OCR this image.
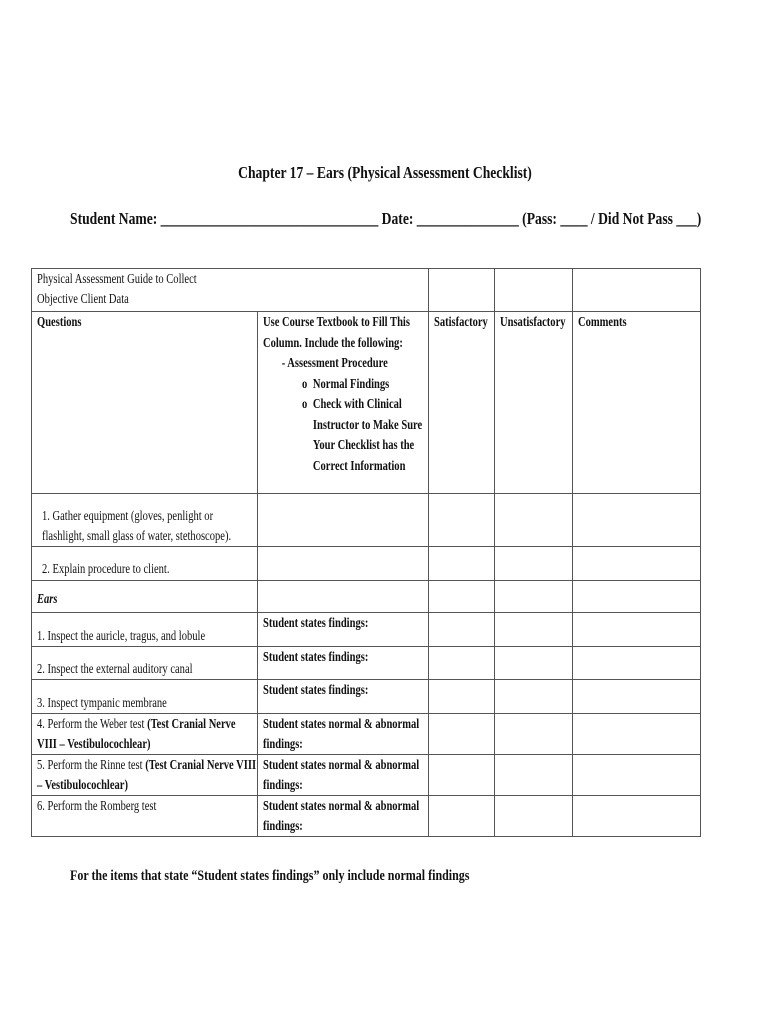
Chapter 17 – Ears (Physical Assessment Checklist)
Student Name: ________________________________ Date: _______________ (Pass: ____ / Did Not Pass ___)
Physical Assessment Guide to Collect Objective Client Data				

Questions	Use Course Textbook to Fill This Column. Include the following:
- Assessment Procedure
o Normal Findings
o Check with Clinical Instructor to Make Sure Your Checklist has the Correct Information	Satisfactory	Unsatisfactory	Comments

1. Gather equipment (gloves, penlight or flashlight, small glass of water, stethoscope).				

2. Explain procedure to client.				

Ears				

1. Inspect the auricle, tragus, and lobule	Student states findings:			

2. Inspect the external auditory canal	Student states findings:			

3. Inspect tympanic membrane	Student states findings:			

4. Perform the Weber test (Test Cranial Nerve VIII – Vestibulocochlear)	Student states normal & abnormal findings:			

5. Perform the Rinne test (Test Cranial Nerve VIII – Vestibulocochlear)	Student states normal & abnormal findings:			

6. Perform the Romberg test	Student states normal & abnormal findings:			

For the items that state “Student states findings” only include normal findings
